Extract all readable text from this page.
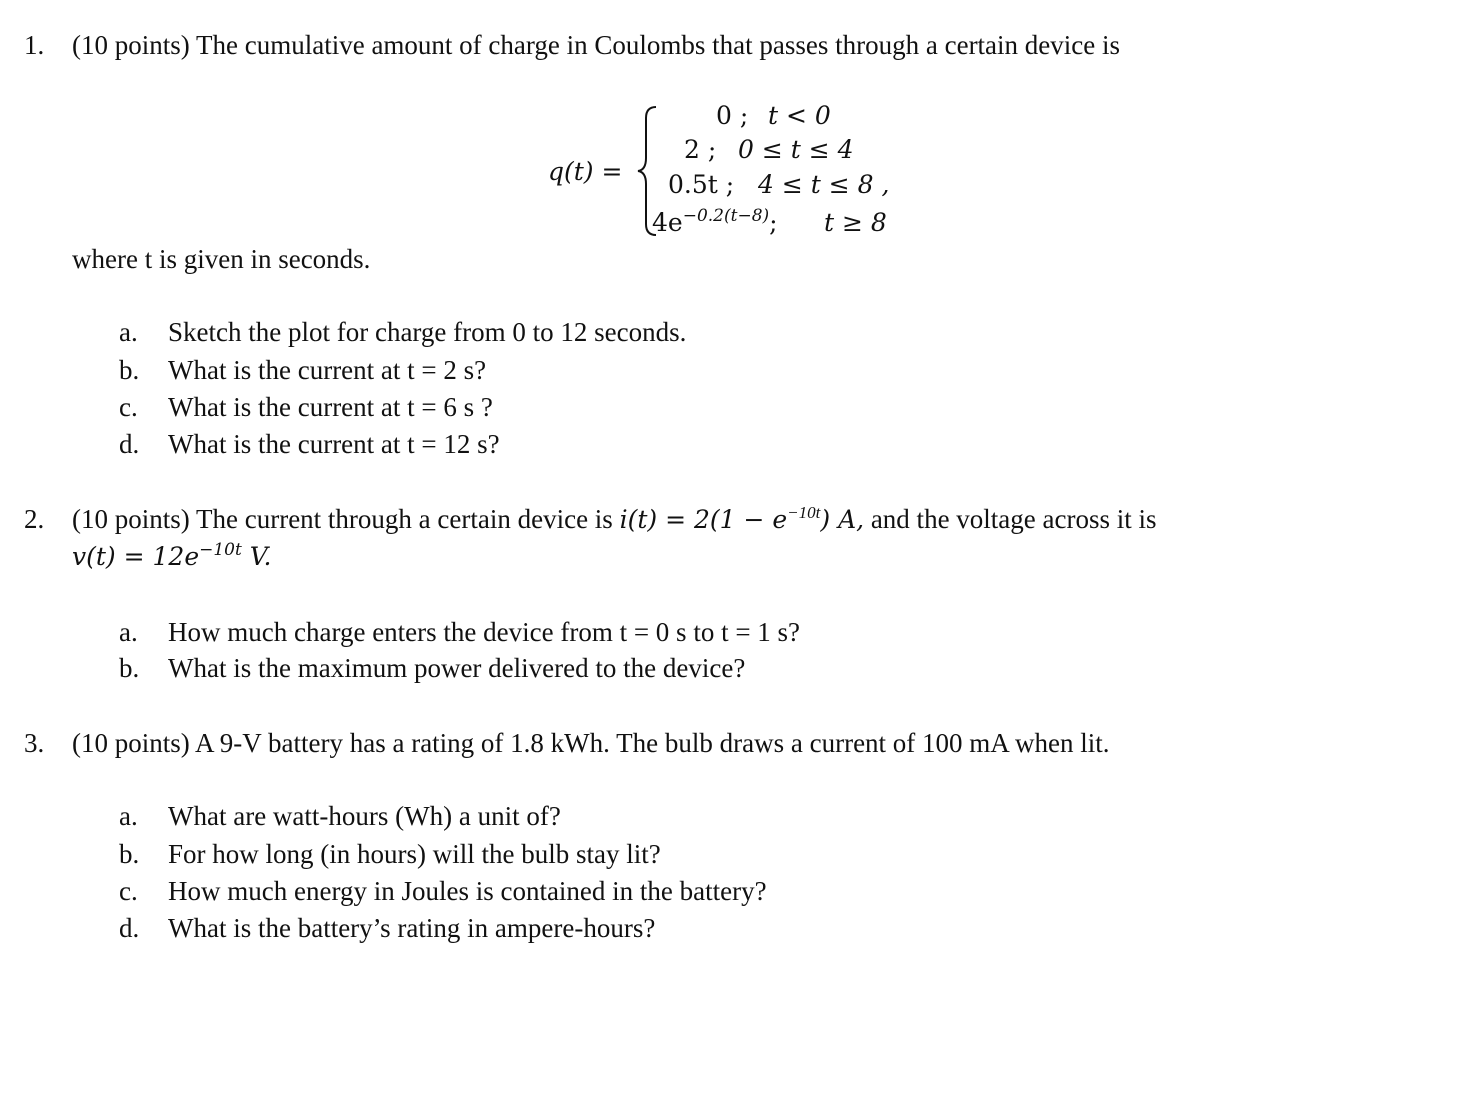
1. (10 points) The cumulative amount of charge in Coulombs that passes through a certain device is
q(t) =
0 ; t < 0
2 ; 0 ≤ t ≤ 4
0.5t ; 4 ≤ t ≤ 8 ,
$4e^{-0.2(t-8)}$; t ≥ 8
where t is given in seconds.
a. Sketch the plot for charge from 0 to 12 seconds.
b. What is the current at t = 2 s?
c. What is the current at t = 6 s ?
d. What is the current at t = 12 s?
2. (10 points) The current through a certain device is $i(t) = 2(1 - e^{-10t})$ A, and the voltage across it is
$v(t) = 12e^{-10t}$ V.
a. How much charge enters the device from t = 0 s to t = 1 s?
b. What is the maximum power delivered to the device?
3. (10 points) A 9-V battery has a rating of 1.8 kWh. The bulb draws a current of 100 mA when lit.
a. What are watt-hours (Wh) a unit of?
b. For how long (in hours) will the bulb stay lit?
c. How much energy in Joules is contained in the battery?
d. What is the battery’s rating in ampere-hours?
